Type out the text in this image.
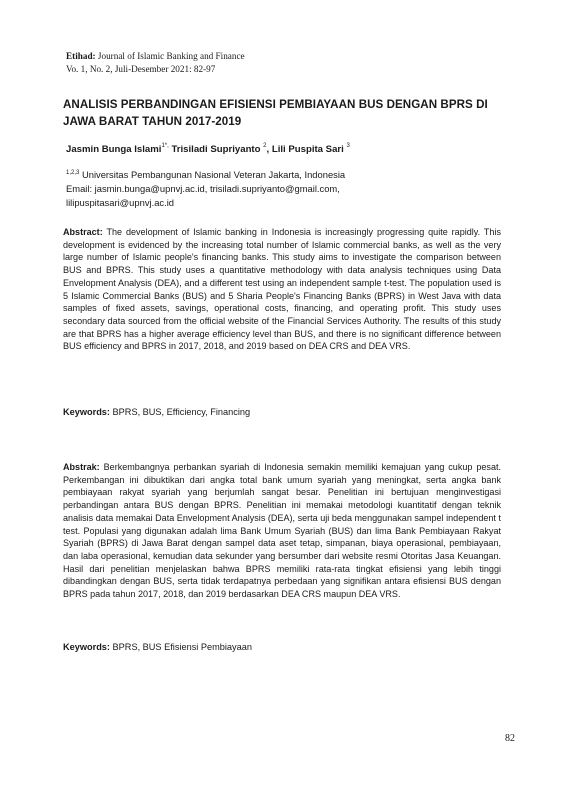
Etihad: Journal of Islamic Banking and Finance
Vo. 1, No. 2, Juli-Desember 2021: 82-97
ANALISIS PERBANDINGAN EFISIENSI PEMBIAYAAN BUS DENGAN BPRS DI JAWA BARAT TAHUN 2017-2019
Jasmin Bunga Islami$^{1*,}$ Trisiladi Supriyanto $^2$, Lili Puspita Sari $^3$
$^{1,2,3}$ Universitas Pembangunan Nasional Veteran Jakarta, Indonesia
Email: jasmin.bunga@upnvj.ac.id, trisiladi.supriyanto@gmail.com,
lilipuspitasari@upnvj.ac.id
Abstract: The development of Islamic banking in Indonesia is increasingly progressing quite rapidly. This development is evidenced by the increasing total number of Islamic commercial banks, as well as the very large number of Islamic people's financing banks. This study aims to investigate the comparison between BUS and BPRS. This study uses a quantitative methodology with data analysis techniques using Data Envelopment Analysis (DEA), and a different test using an independent sample t-test. The population used is 5 Islamic Commercial Banks (BUS) and 5 Sharia People's Financing Banks (BPRS) in West Java with data samples of fixed assets, savings, operational costs, financing, and operating profit. This study uses secondary data sourced from the official website of the Financial Services Authority. The results of this study are that BPRS has a higher average efficiency level than BUS, and there is no significant difference between BUS efficiency and BPRS in 2017, 2018, and 2019 based on DEA CRS and DEA VRS.
Keywords: BPRS, BUS, Efficiency, Financing
Abstrak: Berkembangnya perbankan syariah di Indonesia semakin memiliki kemajuan yang cukup pesat. Perkembangan ini dibuktikan dari angka total bank umum syariah yang meningkat, serta angka bank pembiayaan rakyat syariah yang berjumlah sangat besar. Penelitian ini bertujuan menginvestigasi perbandingan antara BUS dengan BPRS. Penelitian ini memakai metodologi kuantitatif dengan teknik analisis data memakai Data Envelopment Analysis (DEA), serta uji beda menggunakan sampel independent t test. Populasi yang digunakan adalah lima Bank Umum Syariah (BUS) dan lima Bank Pembiayaan Rakyat Syariah (BPRS) di Jawa Barat dengan sampel data aset tetap, simpanan, biaya operasional, pembiayaan, dan laba operasional, kemudian data sekunder yang bersumber dari website resmi Otoritas Jasa Keuangan. Hasil dari penelitian menjelaskan bahwa BPRS memiliki rata-rata tingkat efisiensi yang lebih tinggi dibandingkan dengan BUS, serta tidak terdapatnya perbedaan yang signifikan antara efisiensi BUS dengan BPRS pada tahun 2017, 2018, dan 2019 berdasarkan DEA CRS maupun DEA VRS.
Keywords: BPRS, BUS Efisiensi Pembiayaan
82
